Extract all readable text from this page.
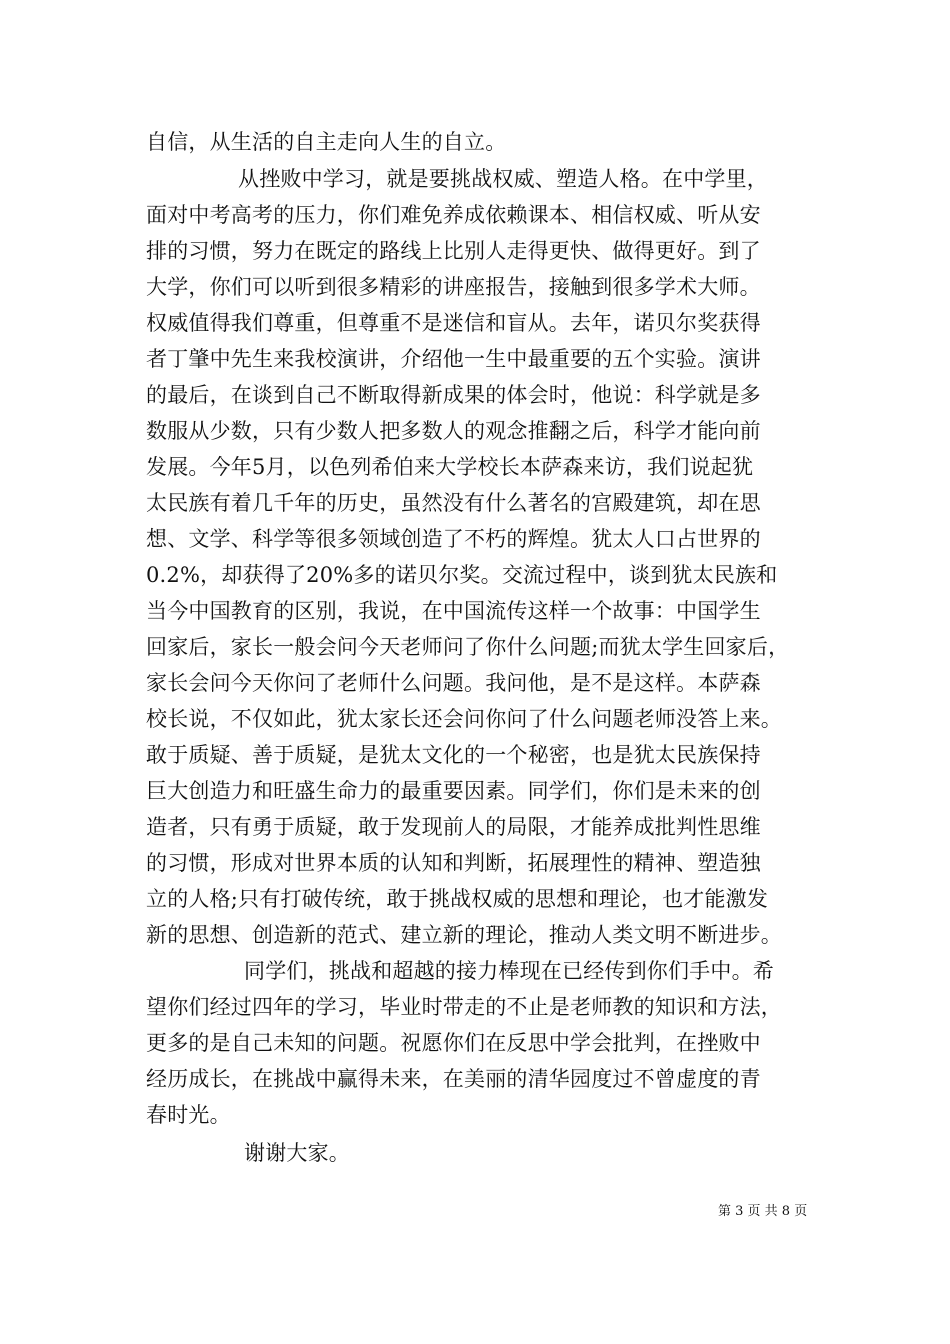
自信，从生活的自主走向人生的自立。
从挫败中学习，就是要挑战权威、塑造人格。在中学里，
面对中考高考的压力，你们难免养成依赖课本、相信权威、听从安
排的习惯，努力在既定的路线上比别人走得更快、做得更好。到了
大学，你们可以听到很多精彩的讲座报告，接触到很多学术大师。
权威值得我们尊重，但尊重不是迷信和盲从。去年，诺贝尔奖获得
者丁肇中先生来我校演讲，介绍他一生中最重要的五个实验。演讲
的最后，在谈到自己不断取得新成果的体会时，他说：科学就是多
数服从少数，只有少数人把多数人的观念推翻之后，科学才能向前
发展。今年5月，以色列希伯来大学校长本萨森来访，我们说起犹
太民族有着几千年的历史，虽然没有什么著名的宫殿建筑，却在思
想、文学、科学等很多领域创造了不朽的辉煌。犹太人口占世界的
0.2%，却获得了20%多的诺贝尔奖。交流过程中，谈到犹太民族和
当今中国教育的区别，我说，在中国流传这样一个故事：中国学生
回家后，家长一般会问今天老师问了你什么问题;而犹太学生回家后，
家长会问今天你问了老师什么问题。我问他，是不是这样。本萨森
校长说，不仅如此，犹太家长还会问你问了什么问题老师没答上来。
敢于质疑、善于质疑，是犹太文化的一个秘密，也是犹太民族保持
巨大创造力和旺盛生命力的最重要因素。同学们，你们是未来的创
造者，只有勇于质疑，敢于发现前人的局限，才能养成批判性思维
的习惯，形成对世界本质的认知和判断，拓展理性的精神、塑造独
立的人格;只有打破传统，敢于挑战权威的思想和理论，也才能激发
新的思想、创造新的范式、建立新的理论，推动人类文明不断进步。
同学们，挑战和超越的接力棒现在已经传到你们手中。希
望你们经过四年的学习，毕业时带走的不止是老师教的知识和方法，
更多的是自己未知的问题。祝愿你们在反思中学会批判，在挫败中
经历成长，在挑战中赢得未来，在美丽的清华园度过不曾虚度的青
春时光。
谢谢大家。
第 3 页 共 8 页
